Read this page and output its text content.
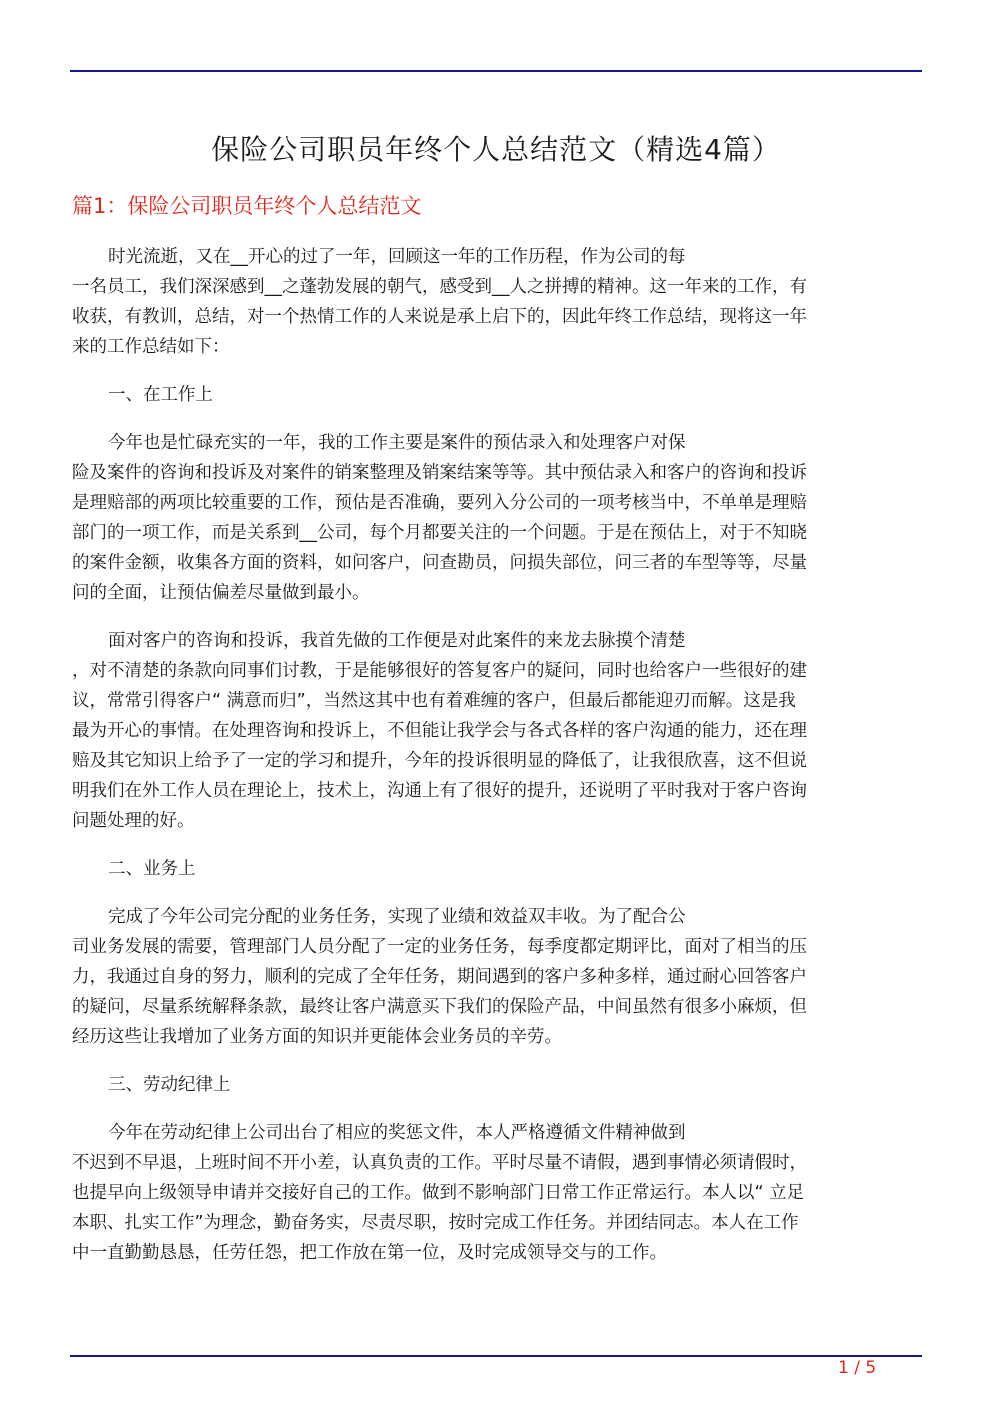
保险公司职员年终个人总结范文（精选4篇）
篇1：保险公司职员年终个人总结范文
时光流逝，又在__开心的过了一年，回顾这一年的工作历程，作为公司的每
一名员工，我们深深感到__之蓬勃发展的朝气，感受到__人之拼搏的精神。这一年来的工作，有
收获，有教训，总结，对一个热情工作的人来说是承上启下的，因此年终工作总结，现将这一年
来的工作总结如下：
一、在工作上
今年也是忙碌充实的一年，我的工作主要是案件的预估录入和处理客户对保
险及案件的咨询和投诉及对案件的销案整理及销案结案等等。其中预估录入和客户的咨询和投诉
是理赔部的两项比较重要的工作，预估是否准确，要列入分公司的一项考核当中，不单单是理赔
部门的一项工作，而是关系到__公司，每个月都要关注的一个问题。于是在预估上，对于不知晓
的案件金额，收集各方面的资料，如问客户，问查勘员，问损失部位，问三者的车型等等，尽量
问的全面，让预估偏差尽量做到最小。
面对客户的咨询和投诉，我首先做的工作便是对此案件的来龙去脉摸个清楚
，对不清楚的条款向同事们讨教，于是能够很好的答复客户的疑问，同时也给客户一些很好的建
议，常常引得客户“ 满意而归”，当然这其中也有着难缠的客户，但最后都能迎刃而解。这是我
最为开心的事情。在处理咨询和投诉上，不但能让我学会与各式各样的客户沟通的能力，还在理
赔及其它知识上给予了一定的学习和提升，今年的投诉很明显的降低了，让我很欣喜，这不但说
明我们在外工作人员在理论上，技术上，沟通上有了很好的提升，还说明了平时我对于客户咨询
问题处理的好。
二、业务上
完成了今年公司完分配的业务任务，实现了业绩和效益双丰收。为了配合公
司业务发展的需要，管理部门人员分配了一定的业务任务，每季度都定期评比，面对了相当的压
力，我通过自身的努力，顺利的完成了全年任务，期间遇到的客户多种多样，通过耐心回答客户
的疑问，尽量系统解释条款，最终让客户满意买下我们的保险产品，中间虽然有很多小麻烦，但
经历这些让我增加了业务方面的知识并更能体会业务员的辛劳。
三、劳动纪律上
今年在劳动纪律上公司出台了相应的奖惩文件，本人严格遵循文件精神做到
不迟到不早退，上班时间不开小差，认真负责的工作。平时尽量不请假，遇到事情必须请假时，
也提早向上级领导申请并交接好自己的工作。做到不影响部门日常工作正常运行。本人以“ 立足
本职、扎实工作”为理念，勤奋务实，尽责尽职，按时完成工作任务。并团结同志。本人在工作
中一直勤勤恳恳，任劳任怨，把工作放在第一位，及时完成领导交与的工作。
1 / 5
